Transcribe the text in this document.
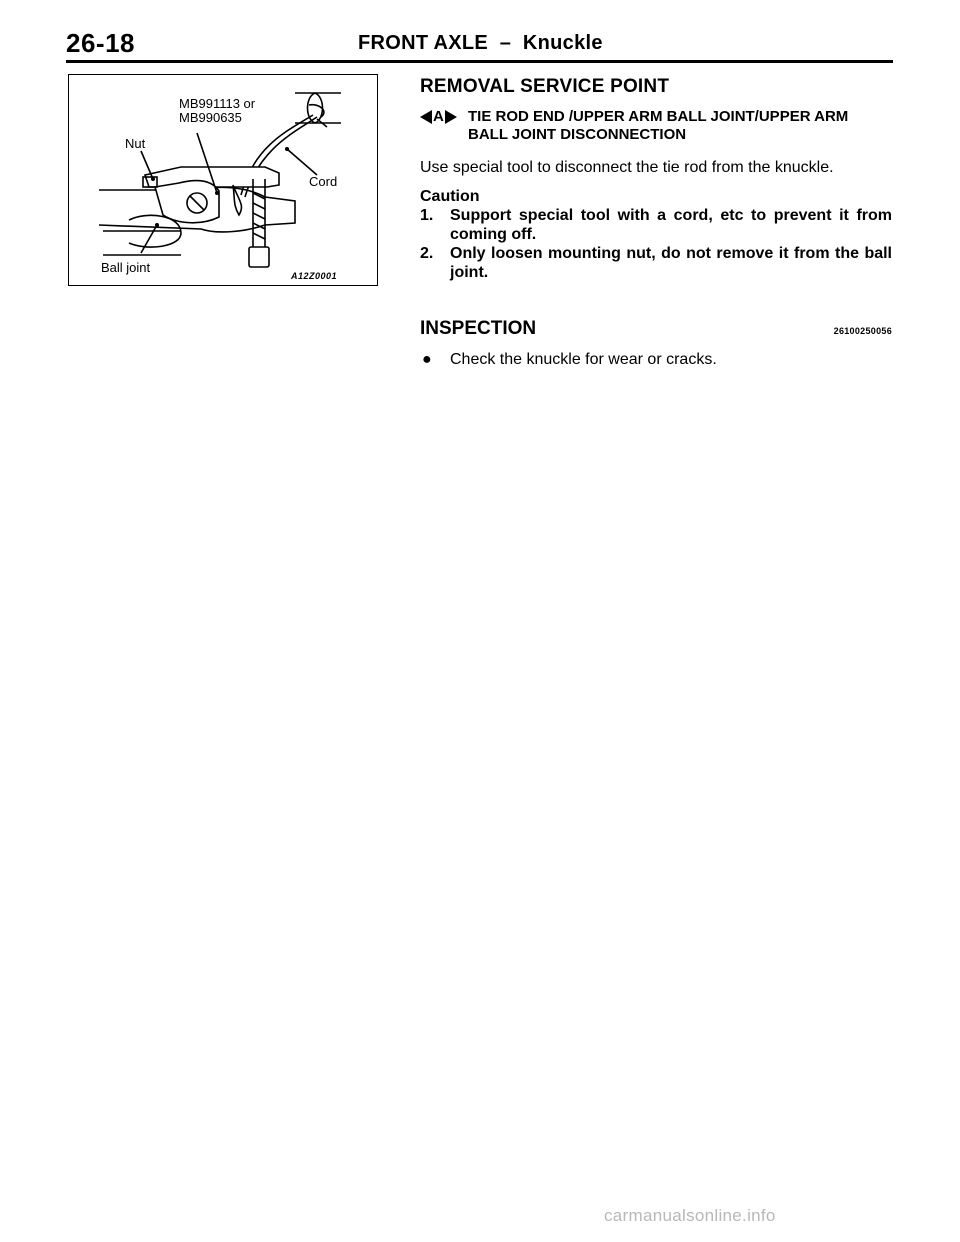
26-18	FRONT AXLE  –  Knuckle
MB991113 or
MB990635
Nut
Cord
Ball joint
A12Z0001
REMOVAL SERVICE POINT
A TIE ROD END /UPPER ARM BALL JOINT/UPPER ARM BALL JOINT DISCONNECTION
Use special tool to disconnect the tie rod from the knuckle.
Caution
1. Support special tool with a cord, etc to prevent it from coming off.
2. Only loosen mounting nut, do not remove it from the ball joint.
INSPECTION	26100250056
● Check the knuckle for wear or cracks.
carmanualsonline.info
